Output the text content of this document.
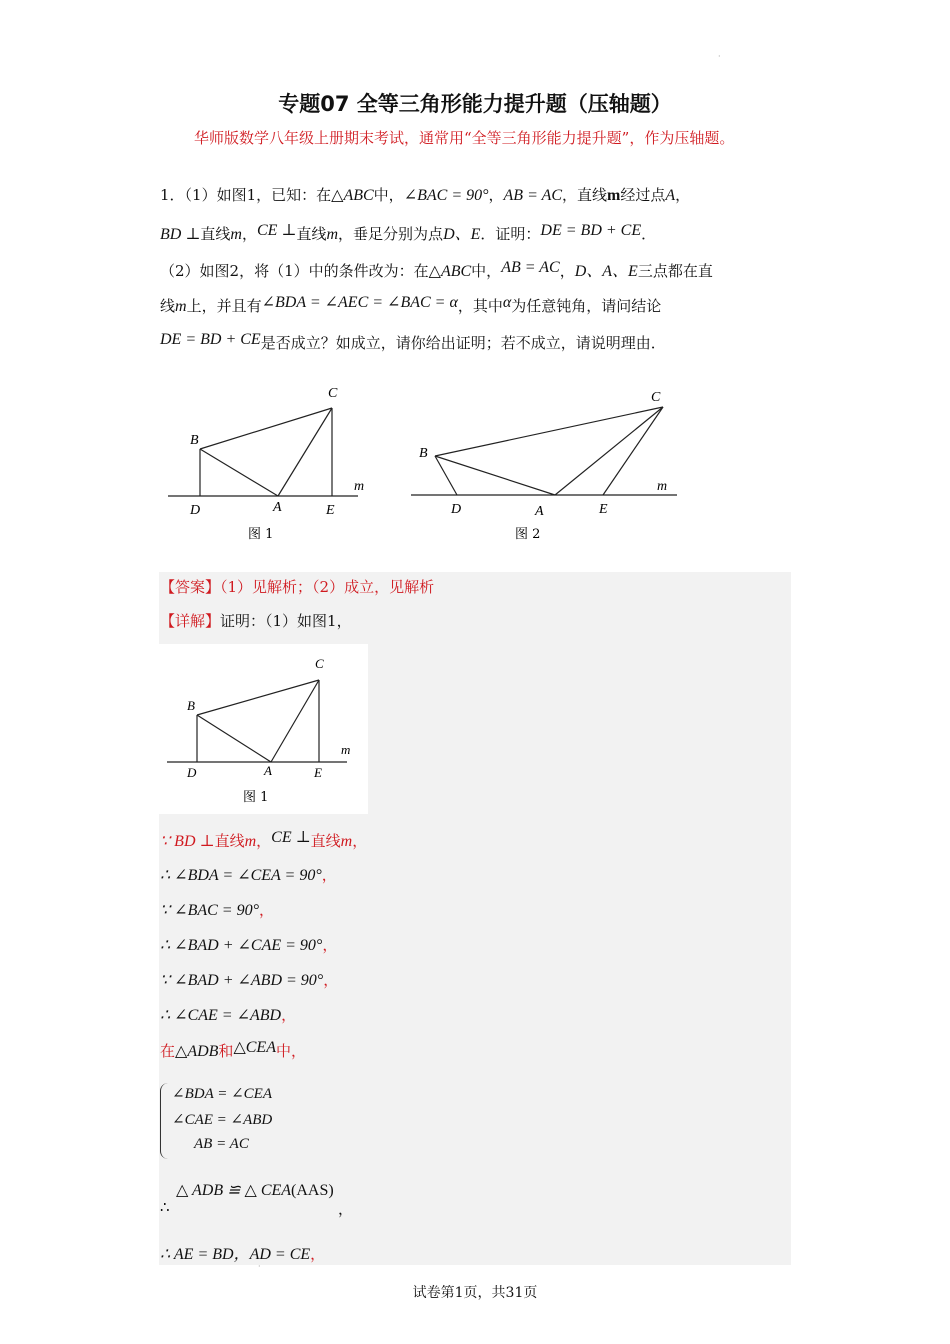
·
专题07 全等三角形能力提升题（压轴题）
华师版数学八年级上册期末考试，通常用“全等三角形能力提升题”，作为压轴题。
1．（1）如图1，已知：在△ABC中，∠BAC = 90°，AB = AC，直线m经过点A，
BD ⊥直线m，CE ⊥直线m，垂足分别为点D、E．证明：DE = BD + CE．
（2）如图2，将（1）中的条件改为：在△ABC中，AB = AC，D、A、E三点都在直
线m上，并且有∠BDA = ∠AEC = ∠BAC = α，其中α为任意钝角，请问结论
DE = BD + CE是否成立？如成立，请你给出证明；若不成立，请说明理由．
B
C
D	A	E
m
图 1
B
C
D	A	E
m
图 2
【答案】（1）见解析；（2）成立，见解析
【详解】证明：（1）如图1，
B
C
D	A	E
m
图 1
∵ BD ⊥直线m，CE ⊥直线m，
∴ ∠BDA = ∠CEA = 90°，
∵ ∠BAC = 90°，
∴ ∠BAD + ∠CAE = 90°，
∵ ∠BAD + ∠ABD = 90°，
∴ ∠CAE = ∠ABD，
在△ADB和△CEA中，
∠BDA = ∠CEA
∠CAE = ∠ABD
AB = AC
△ ADB ≌ △ CEA(AAS)
∴	，
∴ AE = BD，AD = CE，
·
试卷第1页，共31页
